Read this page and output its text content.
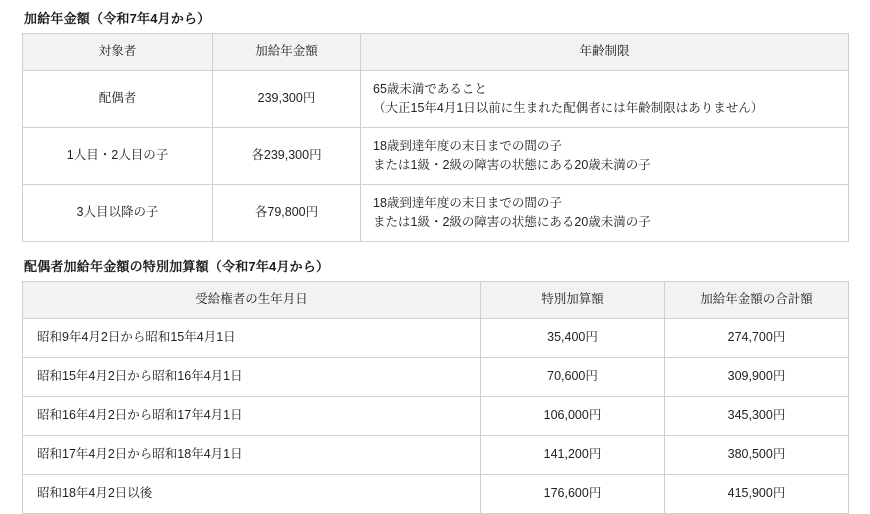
加給年金額（令和7年4月から）
対象者	加給年金額	年齢制限
配偶者	239,300円	65歳未満であること
（大正15年4月1日以前に生まれた配偶者には年齢制限はありません）

1人目・2人目の子	各239,300円	18歳到達年度の末日までの間の子
または1級・2級の障害の状態にある20歳未満の子

3人目以降の子	各79,800円	18歳到達年度の末日までの間の子
または1級・2級の障害の状態にある20歳未満の子
配偶者加給年金額の特別加算額（令和7年4月から）
受給権者の生年月日	特別加算額	加給年金額の合計額
昭和9年4月2日から昭和15年4月1日	35,400円	274,700円
昭和15年4月2日から昭和16年4月1日	70,600円	309,900円
昭和16年4月2日から昭和17年4月1日	106,000円	345,300円
昭和17年4月2日から昭和18年4月1日	141,200円	380,500円
昭和18年4月2日以後	176,600円	415,900円
